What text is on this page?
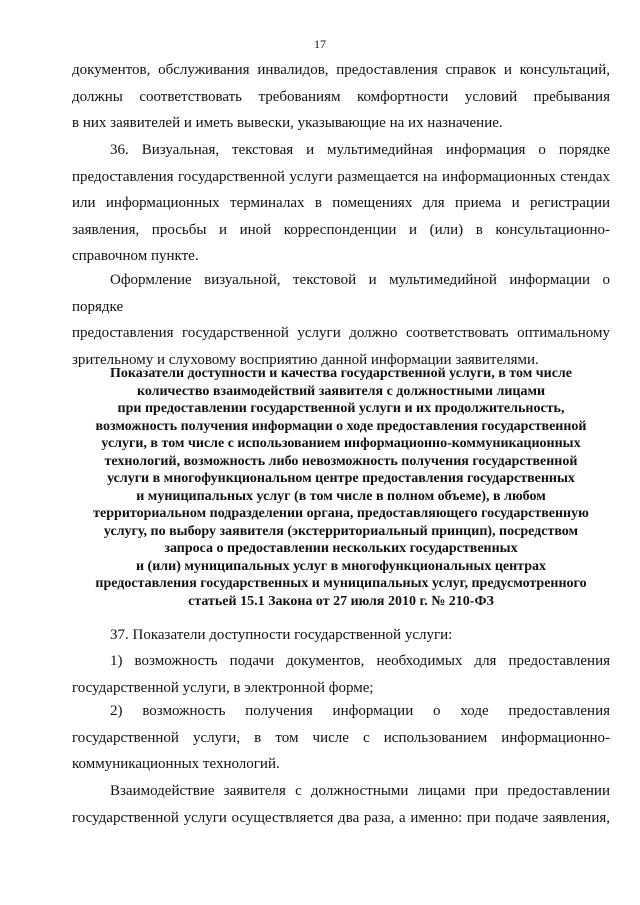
17
документов, обслуживания инвалидов, предоставления справок и консультаций,
должны соответствовать требованиям комфортности условий пребывания
в них заявителей и иметь вывески, указывающие на их назначение.
36. Визуальная, текстовая и мультимедийная информация о порядке
предоставления государственной услуги размещается на информационных стендах
или информационных терминалах в помещениях для приема и регистрации
заявления, просьбы и иной корреспонденции и (или) в консультационно-
справочном пункте.
Оформление визуальной, текстовой и мультимедийной информации о порядке
предоставления государственной услуги должно соответствовать оптимальному
зрительному и слуховому восприятию данной информации заявителями.
Показатели доступности и качества государственной услуги, в том числе
количество взаимодействий заявителя с должностными лицами
при предоставлении государственной услуги и их продолжительность,
возможность получения информации о ходе предоставления государственной
услуги, в том числе с использованием информационно-коммуникационных
технологий, возможность либо невозможность получения государственной
услуги в многофункциональном центре предоставления государственных
и муниципальных услуг (в том числе в полном объеме), в любом
территориальном подразделении органа, предоставляющего государственную
услугу, по выбору заявителя (экстерриториальный принцип), посредством
запроса о предоставлении нескольких государственных
и (или) муниципальных услуг в многофункциональных центрах
предоставления государственных и муниципальных услуг, предусмотренного
статьей 15.1 Закона от 27 июля 2010 г. № 210-ФЗ
37. Показатели доступности государственной услуги:
1) возможность подачи документов, необходимых для предоставления
государственной услуги, в электронной форме;
2) возможность получения информации о ходе предоставления
государственной услуги, в том числе с использованием информационно-
коммуникационных технологий.
Взаимодействие заявителя с должностными лицами при предоставлении
государственной услуги осуществляется два раза, а именно: при подаче заявления,
